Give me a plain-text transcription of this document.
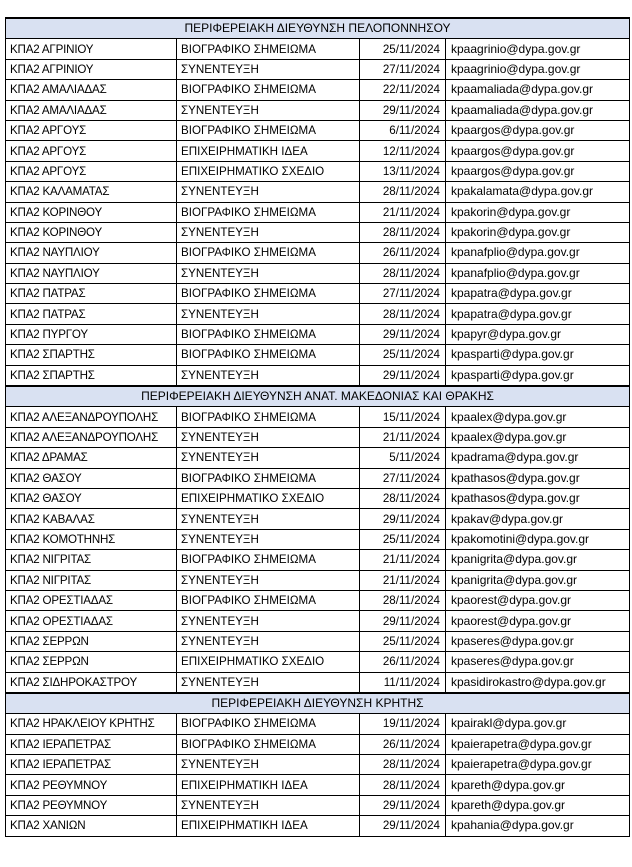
ΠΕΡΙΦΕΡΕΙΑΚΗ ΔΙΕΥΘΥΝΣΗ ΠΕΛΟΠΟΝΝΗΣΟΥ			
ΚΠΑ2 ΑΓΡΙΝΙΟΥ	ΒΙΟΓΡΑΦΙΚΟ ΣΗΜΕΙΩΜΑ	25/11/2024	kpaagrinio@dypa.gov.gr
ΚΠΑ2 ΑΓΡΙΝΙΟΥ	ΣΥΝΕΝΤΕΥΞΗ	27/11/2024	kpaagrinio@dypa.gov.gr
ΚΠΑ2 ΑΜΑΛΙΑΔΑΣ	ΒΙΟΓΡΑΦΙΚΟ ΣΗΜΕΙΩΜΑ	22/11/2024	kpaamaliada@dypa.gov.gr
ΚΠΑ2 ΑΜΑΛΙΑΔΑΣ	ΣΥΝΕΝΤΕΥΞΗ	29/11/2024	kpaamaliada@dypa.gov.gr
ΚΠΑ2 ΑΡΓΟΥΣ	ΒΙΟΓΡΑΦΙΚΟ ΣΗΜΕΙΩΜΑ	6/11/2024	kpaargos@dypa.gov.gr
ΚΠΑ2 ΑΡΓΟΥΣ	ΕΠΙΧΕΙΡΗΜΑΤΙΚΗ ΙΔΕΑ	12/11/2024	kpaargos@dypa.gov.gr
ΚΠΑ2 ΑΡΓΟΥΣ	ΕΠΙΧΕΙΡΗΜΑΤΙΚΟ ΣΧΕΔΙΟ	13/11/2024	kpaargos@dypa.gov.gr
ΚΠΑ2 ΚΑΛΑΜΑΤΑΣ	ΣΥΝΕΝΤΕΥΞΗ	28/11/2024	kpakalamata@dypa.gov.gr
ΚΠΑ2 ΚΟΡΙΝΘΟΥ	ΒΙΟΓΡΑΦΙΚΟ ΣΗΜΕΙΩΜΑ	21/11/2024	kpakorin@dypa.gov.gr
ΚΠΑ2 ΚΟΡΙΝΘΟΥ	ΣΥΝΕΝΤΕΥΞΗ	28/11/2024	kpakorin@dypa.gov.gr
ΚΠΑ2 ΝΑΥΠΛΙΟΥ	ΒΙΟΓΡΑΦΙΚΟ ΣΗΜΕΙΩΜΑ	26/11/2024	kpanafplio@dypa.gov.gr
ΚΠΑ2 ΝΑΥΠΛΙΟΥ	ΣΥΝΕΝΤΕΥΞΗ	28/11/2024	kpanafplio@dypa.gov.gr
ΚΠΑ2 ΠΑΤΡΑΣ	ΒΙΟΓΡΑΦΙΚΟ ΣΗΜΕΙΩΜΑ	27/11/2024	kpapatra@dypa.gov.gr
ΚΠΑ2 ΠΑΤΡΑΣ	ΣΥΝΕΝΤΕΥΞΗ	28/11/2024	kpapatra@dypa.gov.gr
ΚΠΑ2 ΠΥΡΓΟΥ	ΒΙΟΓΡΑΦΙΚΟ ΣΗΜΕΙΩΜΑ	29/11/2024	kpapyr@dypa.gov.gr
ΚΠΑ2 ΣΠΑΡΤΗΣ	ΒΙΟΓΡΑΦΙΚΟ ΣΗΜΕΙΩΜΑ	25/11/2024	kpasparti@dypa.gov.gr
ΚΠΑ2 ΣΠΑΡΤΗΣ	ΣΥΝΕΝΤΕΥΞΗ	29/11/2024	kpasparti@dypa.gov.gr
ΠΕΡΙΦΕΡΕΙΑΚΗ ΔΙΕΥΘΥΝΣΗ ΑΝΑΤ. ΜΑΚΕΔΟΝΙΑΣ ΚΑΙ ΘΡΑΚΗΣ			
ΚΠΑ2 ΑΛΕΞΑΝΔΡΟΥΠΟΛΗΣ	ΒΙΟΓΡΑΦΙΚΟ ΣΗΜΕΙΩΜΑ	15/11/2024	kpaalex@dypa.gov.gr
ΚΠΑ2 ΑΛΕΞΑΝΔΡΟΥΠΟΛΗΣ	ΣΥΝΕΝΤΕΥΞΗ	21/11/2024	kpaalex@dypa.gov.gr
ΚΠΑ2 ΔΡΑΜΑΣ	ΣΥΝΕΝΤΕΥΞΗ	5/11/2024	kpadrama@dypa.gov.gr
ΚΠΑ2 ΘΑΣΟΥ	ΒΙΟΓΡΑΦΙΚΟ ΣΗΜΕΙΩΜΑ	27/11/2024	kpathasos@dypa.gov.gr
ΚΠΑ2 ΘΑΣΟΥ	ΕΠΙΧΕΙΡΗΜΑΤΙΚΟ ΣΧΕΔΙΟ	28/11/2024	kpathasos@dypa.gov.gr
ΚΠΑ2 ΚΑΒΑΛΑΣ	ΣΥΝΕΝΤΕΥΞΗ	29/11/2024	kpakav@dypa.gov.gr
ΚΠΑ2 ΚΟΜΟΤΗΝΗΣ	ΣΥΝΕΝΤΕΥΞΗ	25/11/2024	kpakomotini@dypa.gov.gr
ΚΠΑ2 ΝΙΓΡΙΤΑΣ	ΒΙΟΓΡΑΦΙΚΟ ΣΗΜΕΙΩΜΑ	21/11/2024	kpanigrita@dypa.gov.gr
ΚΠΑ2 ΝΙΓΡΙΤΑΣ	ΣΥΝΕΝΤΕΥΞΗ	21/11/2024	kpanigrita@dypa.gov.gr
ΚΠΑ2 ΟΡΕΣΤΙΑΔΑΣ	ΒΙΟΓΡΑΦΙΚΟ ΣΗΜΕΙΩΜΑ	28/11/2024	kpaorest@dypa.gov.gr
ΚΠΑ2 ΟΡΕΣΤΙΑΔΑΣ	ΣΥΝΕΝΤΕΥΞΗ	29/11/2024	kpaorest@dypa.gov.gr
ΚΠΑ2 ΣΕΡΡΩΝ	ΣΥΝΕΝΤΕΥΞΗ	25/11/2024	kpaseres@dypa.gov.gr
ΚΠΑ2 ΣΕΡΡΩΝ	ΕΠΙΧΕΙΡΗΜΑΤΙΚΟ ΣΧΕΔΙΟ	26/11/2024	kpaseres@dypa.gov.gr
ΚΠΑ2 ΣΙΔΗΡΟΚΑΣΤΡΟΥ	ΣΥΝΕΝΤΕΥΞΗ	11/11/2024	kpasidirokastro@dypa.gov.gr
ΠΕΡΙΦΕΡΕΙΑΚΗ ΔΙΕΥΘΥΝΣΗ ΚΡΗΤΗΣ			
ΚΠΑ2 ΗΡΑΚΛΕΙΟΥ ΚΡΗΤΗΣ	ΒΙΟΓΡΑΦΙΚΟ ΣΗΜΕΙΩΜΑ	19/11/2024	kpairakl@dypa.gov.gr
ΚΠΑ2 ΙΕΡΑΠΕΤΡΑΣ	ΒΙΟΓΡΑΦΙΚΟ ΣΗΜΕΙΩΜΑ	26/11/2024	kpaierapetra@dypa.gov.gr
ΚΠΑ2 ΙΕΡΑΠΕΤΡΑΣ	ΣΥΝΕΝΤΕΥΞΗ	28/11/2024	kpaierapetra@dypa.gov.gr
ΚΠΑ2 ΡΕΘΥΜΝΟΥ	ΕΠΙΧΕΙΡΗΜΑΤΙΚΗ ΙΔΕΑ	28/11/2024	kpareth@dypa.gov.gr
ΚΠΑ2 ΡΕΘΥΜΝΟΥ	ΣΥΝΕΝΤΕΥΞΗ	29/11/2024	kpareth@dypa.gov.gr
ΚΠΑ2 ΧΑΝΙΩΝ	ΕΠΙΧΕΙΡΗΜΑΤΙΚΗ ΙΔΕΑ	29/11/2024	kpahania@dypa.gov.gr
